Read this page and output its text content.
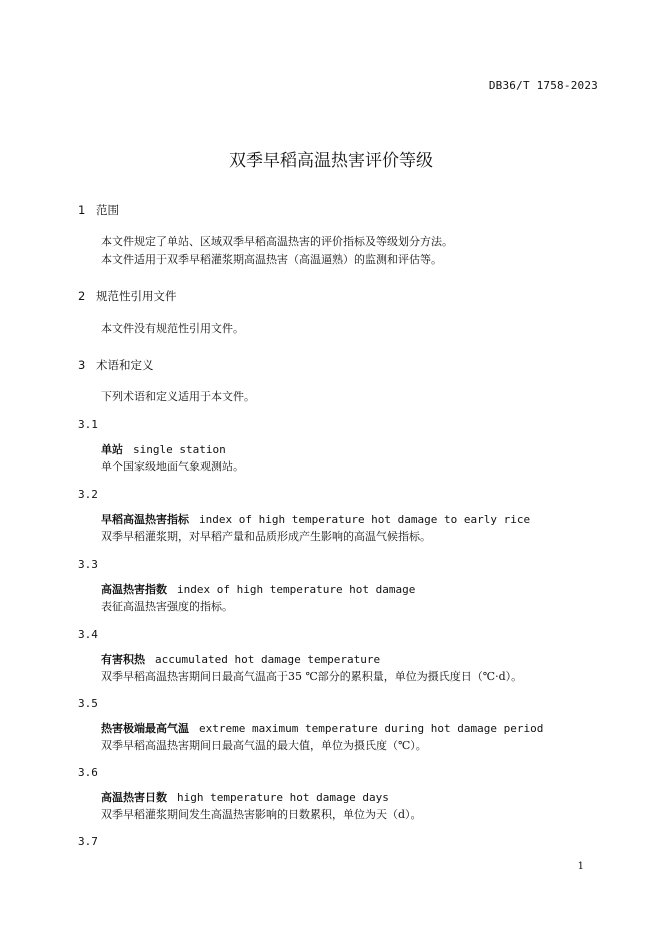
DB36/T 1758-2023
双季早稻高温热害评价等级
1 范围
本文件规定了单站、区域双季早稻高温热害的评价指标及等级划分方法。
本文件适用于双季早稻灌浆期高温热害（高温逼熟）的监测和评估等。
2 规范性引用文件
本文件没有规范性引用文件。
3 术语和定义
下列术语和定义适用于本文件。
3.1
单站 single station
单个国家级地面气象观测站。
3.2
早稻高温热害指标 index of high temperature hot damage to early rice
双季早稻灌浆期，对早稻产量和品质形成产生影响的高温气候指标。
3.3
高温热害指数 index of high temperature hot damage
表征高温热害强度的指标。
3.4
有害积热 accumulated hot damage temperature
双季早稻高温热害期间日最高气温高于35 ℃部分的累积量，单位为摄氏度日（℃·d）。
3.5
热害极端最高气温 extreme maximum temperature during hot damage period
双季早稻高温热害期间日最高气温的最大值，单位为摄氏度（℃）。
3.6
高温热害日数 high temperature hot damage days
双季早稻灌浆期间发生高温热害影响的日数累积，单位为天（d）。
3.7
1
